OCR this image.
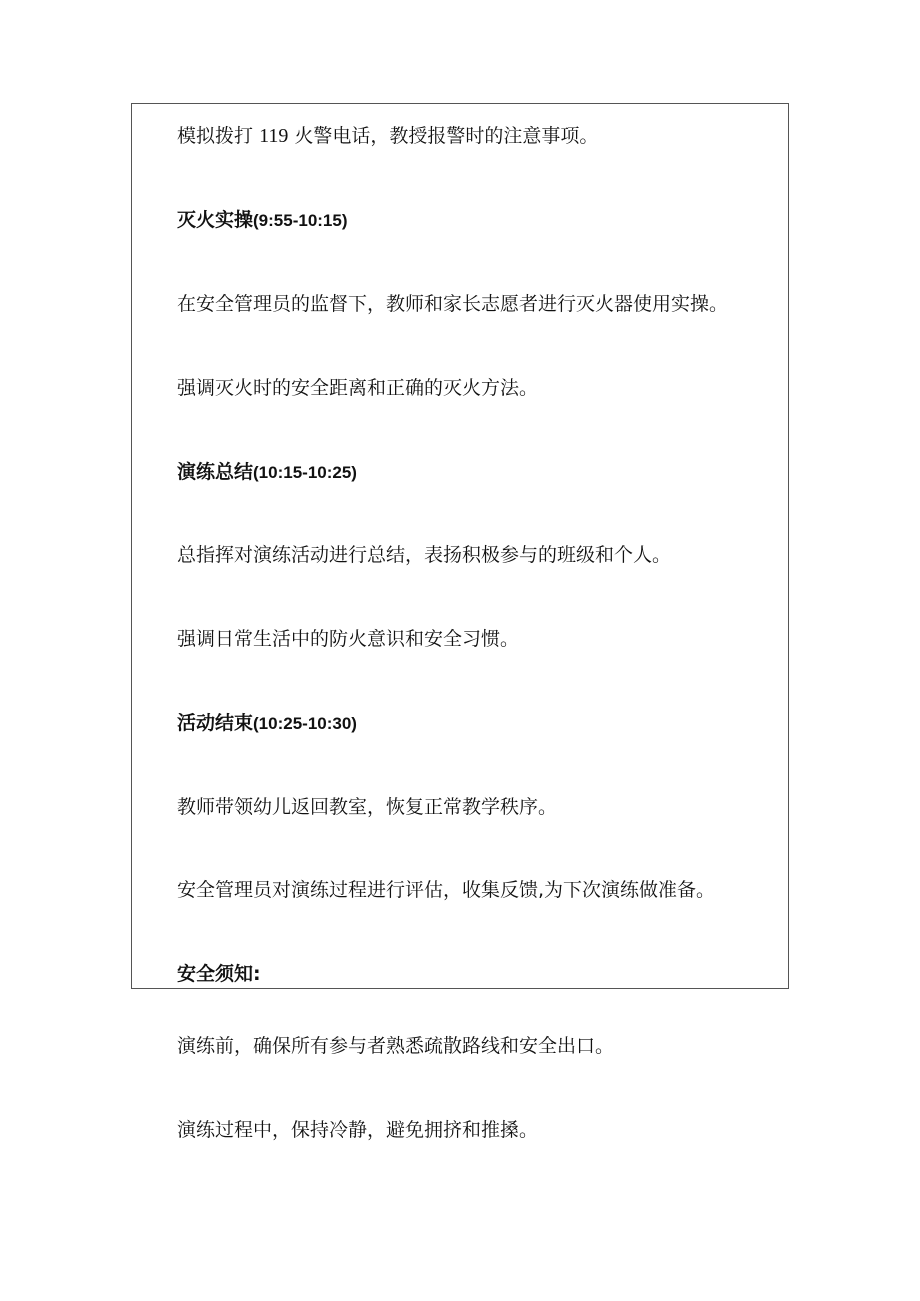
模拟拨打 119 火警电话，教授报警时的注意事项。

灭火实操(9:55-10:15)

在安全管理员的监督下，教师和家长志愿者进行灭火器使用实操。

强调灭火时的安全距离和正确的灭火方法。

演练总结(10:15-10:25)

总指挥对演练活动进行总结，表扬积极参与的班级和个人。

强调日常生活中的防火意识和安全习惯。

活动结束(10:25-10:30)

教师带领幼儿返回教室，恢复正常教学秩序。

安全管理员对演练过程进行评估，收集反馈,为下次演练做准备。

安全须知:

演练前，确保所有参与者熟悉疏散路线和安全出口。

演练过程中，保持冷静，避免拥挤和推搡。
